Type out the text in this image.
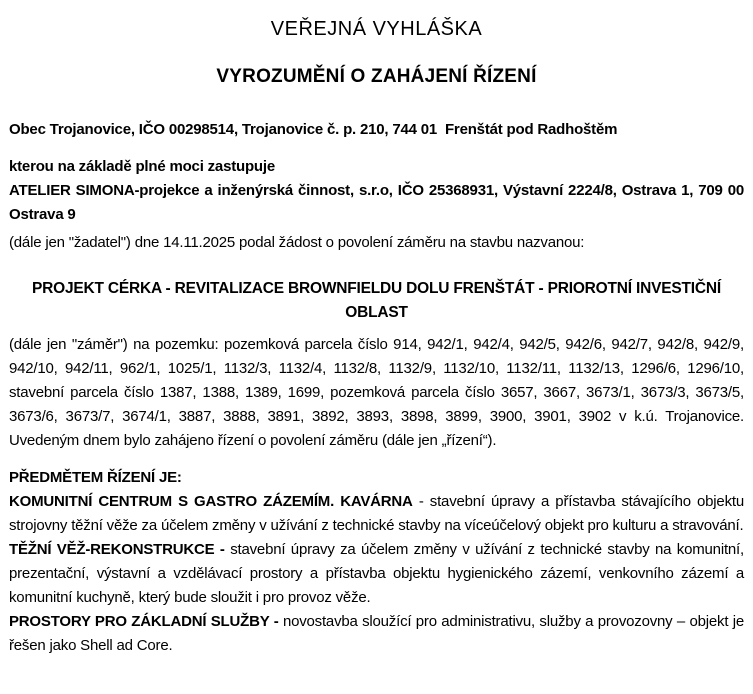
VEŘEJNÁ VYHLÁŠKA

VYROZUMĚNÍ O ZAHÁJENÍ ŘÍZENÍ

Obec Trojanovice, IČO 00298514, Trojanovice č. p. 210, 744 01  Frenštát pod Radhoštěm

kterou na základě plné moci zastupuje

ATELIER SIMONA-projekce a inženýrská činnost, s.r.o, IČO 25368931, Výstavní 2224/8, Ostrava 1, 709 00 Ostrava 9

(dále jen "žadatel") dne 14.11.2025 podal žádost o povolení záměru na stavbu nazvanou:

PROJEKT CÉRKA - REVITALIZACE BROWNFIELDU DOLU FRENŠTÁT - PRIOROTNÍ INVESTIČNÍ OBLAST

(dále jen "záměr") na pozemku: pozemková parcela číslo 914, 942/1, 942/4, 942/5, 942/6, 942/7, 942/8, 942/9, 942/10, 942/11, 962/1, 1025/1, 1132/3, 1132/4, 1132/8, 1132/9, 1132/10, 1132/11, 1132/13, 1296/6, 1296/10, stavební parcela číslo 1387, 1388, 1389, 1699, pozemková parcela číslo 3657, 3667, 3673/1, 3673/3, 3673/5, 3673/6, 3673/7, 3674/1, 3887, 3888, 3891, 3892, 3893, 3898, 3899, 3900, 3901, 3902 v k.ú. Trojanovice. Uvedeným dnem bylo zahájeno řízení o povolení záměru (dále jen „řízení“).

PŘEDMĚTEM ŘÍZENÍ JE:

KOMUNITNÍ CENTRUM S GASTRO ZÁZEMÍM. KAVÁRNA - stavební úpravy a přístavba stávajícího objektu strojovny těžní věže za účelem změny v užívání z technické stavby na víceúčelový objekt pro kulturu a stravování.

TĚŽNÍ VĚŽ-REKONSTRUKCE - stavební úpravy za účelem změny v užívání z technické stavby na komunitní, prezentační, výstavní a vzdělávací prostory a přístavba objektu hygienického zázemí, venkovního zázemí a komunitní kuchyně, který bude sloužit i pro provoz věže.

PROSTORY PRO ZÁKLADNÍ SLUŽBY - novostavba sloužící pro administrativu, služby a provozovny – objekt je řešen jako Shell ad Core.
